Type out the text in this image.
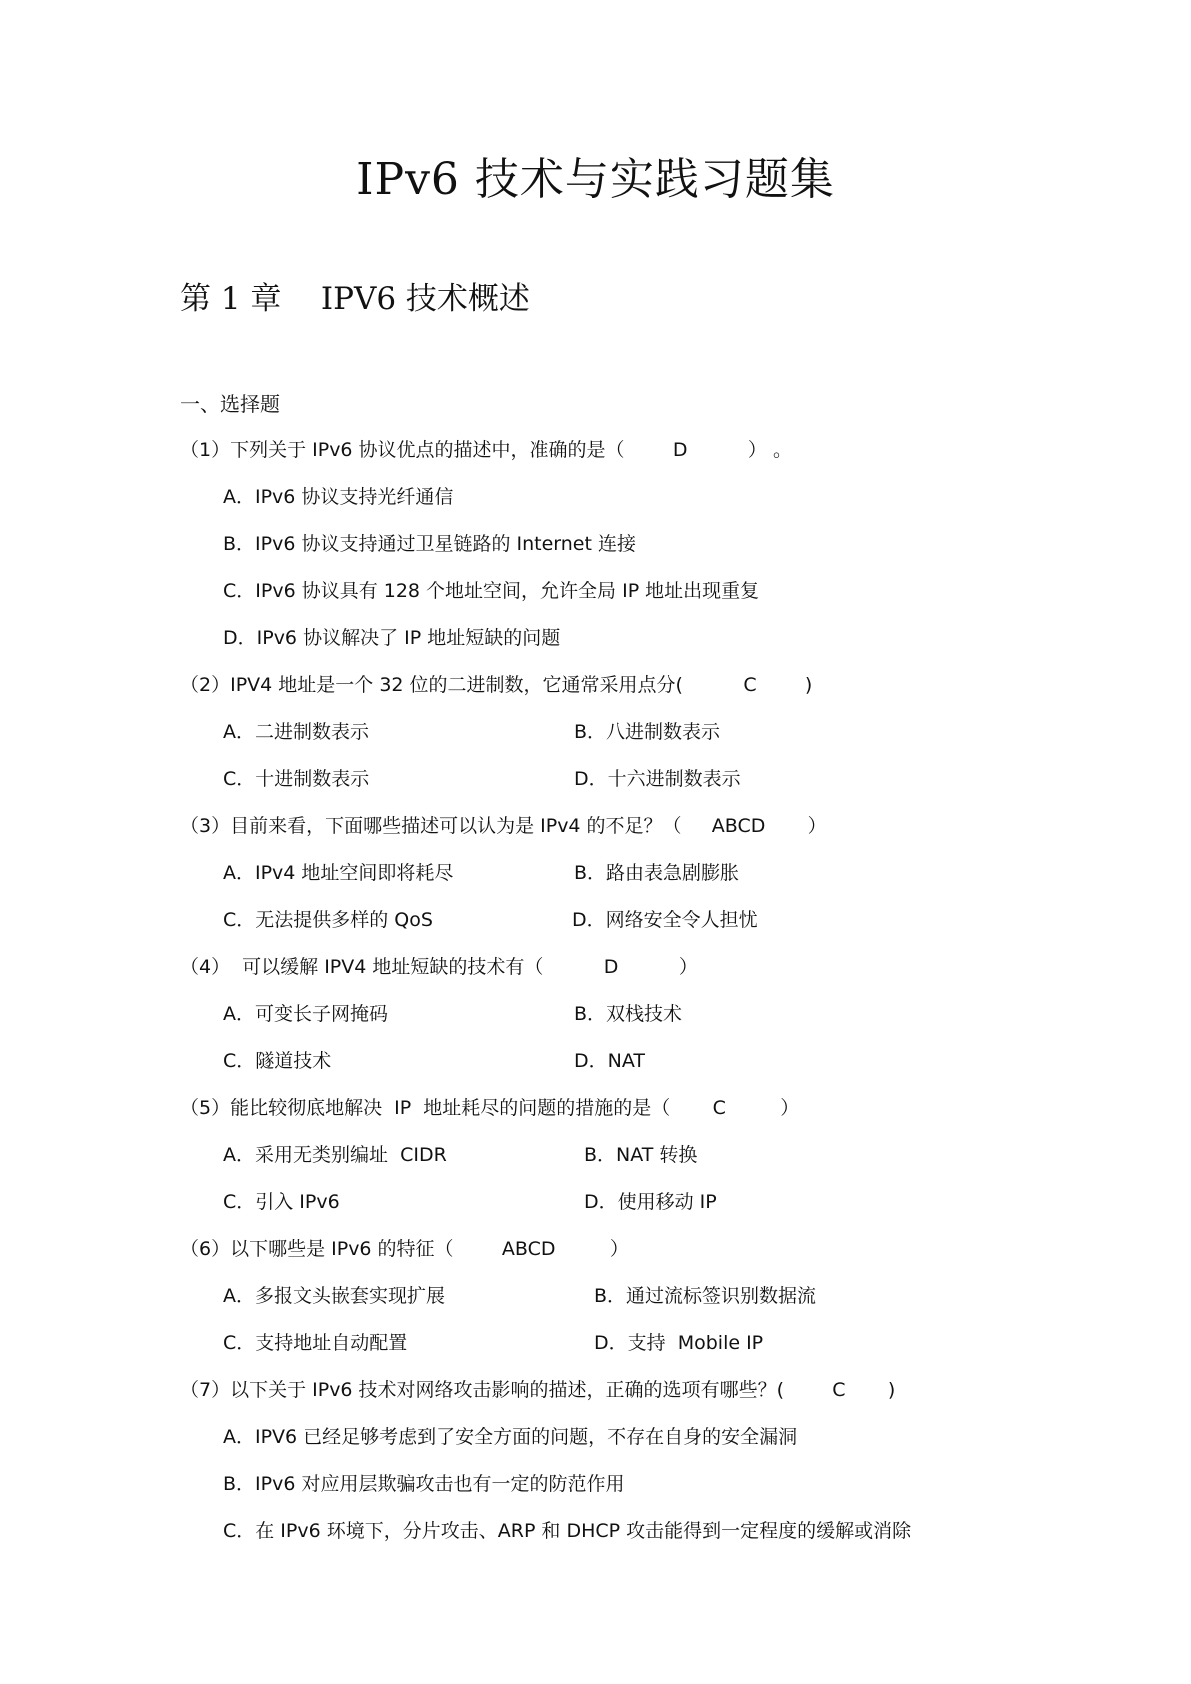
IPv6 技术与实践习题集
第 1 章    IPV6 技术概述
一、选择题
（1）下列关于 IPv6 协议优点的描述中，准确的是（        D          ） 。
A．IPv6 协议支持光纤通信
B．IPv6 协议支持通过卫星链路的 Internet 连接
C．IPv6 协议具有 128 个地址空间，允许全局 IP 地址出现重复
D．IPv6 协议解决了 IP 地址短缺的问题
（2）IPV4 地址是一个 32 位的二进制数，它通常采用点分(          C        )
A．二进制数表示	B．八进制数表示
C．十进制数表示	D．十六进制数表示
（3）目前来看，下面哪些描述可以认为是 IPv4 的不足？（     ABCD       ）
A．IPv4 地址空间即将耗尽	B．路由表急剧膨胀
C．无法提供多样的 QoS	D．网络安全令人担忧
（4）  可以缓解 IPV4 地址短缺的技术有（          D          ）
A．可变长子网掩码	B．双栈技术
C．隧道技术	D．NAT
（5）能比较彻底地解决  IP  地址耗尽的问题的措施的是（       C         ）
A．采用无类别编址  CIDR	B．NAT 转换
C．引入 IPv6	D．使用移动 IP
（6）以下哪些是 IPv6 的特征（        ABCD         ）
A．多报文头嵌套实现扩展	B．通过流标签识别数据流
C．支持地址自动配置	D．支持  Mobile IP
（7）以下关于 IPv6 技术对网络攻击影响的描述，正确的选项有哪些？(        C       )
A．IPV6 已经足够考虑到了安全方面的问题，不存在自身的安全漏洞
B．IPv6 对应用层欺骗攻击也有一定的防范作用
C．在 IPv6 环境下，分片攻击、ARP 和 DHCP 攻击能得到一定程度的缓解或消除
